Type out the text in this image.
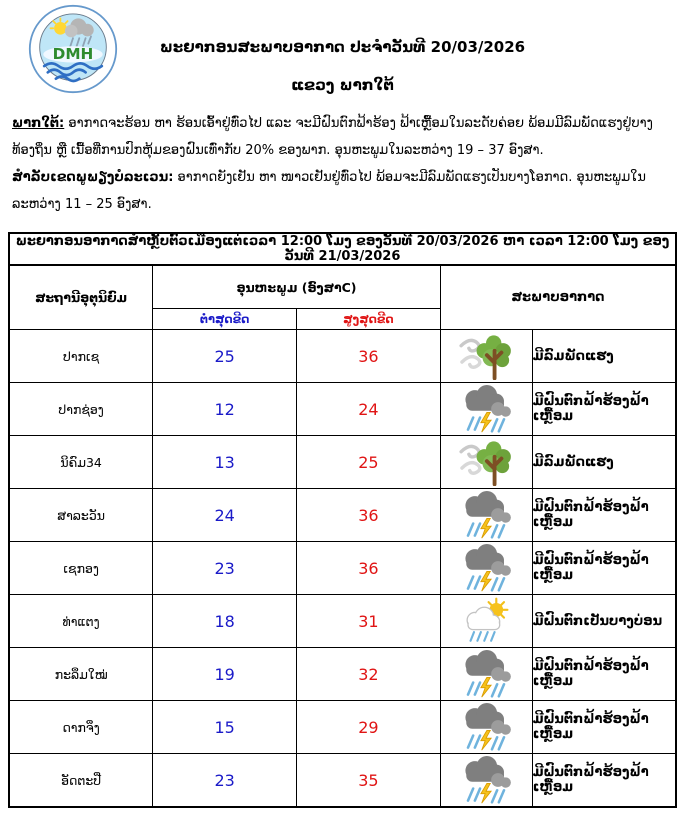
DMH	ພະຍາກອນສະພາບອາກາດ ປະຈໍາວັນທີ 20/03/2026
ແຂວງ ພາກໃຕ້

ພາກໃຕ້: ອາກາດຈະຮ້ອນ ຫາ ຮ້ອນເອົ້າຢູ່ທົ່ວໄປ ແລະ ຈະມີຝົນຕົກຟ້າຮ້ອງ ຟ້າເຫຼື້ອມໃນລະດັບຄ່ອຍ ພ້ອມມີລົມພັດແຮງຢູ່ບາງທ້ອງຖິ່ນ ຫຼື ເນື້ອທີ່ການປົກຫຸ້ມຂອງຝົນເທົ່າກັບ 20% ຂອງພາກ. ອຸນຫະພູມໃນລະຫວ່າງ 19 – 37 ອົງສາ.

ສໍາລັບເຂດພູພຽງບໍລະເວນ: ອາກາດຍັງເຢັນ ຫາ ໜາວເຢັນຢູ່ທົ່ວໄປ ພ້ອມຈະມີລົມພັດແຮງເປັນບາງໂອກາດ. ອຸນຫະພູມໃນລະຫວ່າງ 11 – 25 ອົງສາ.

ພະຍາກອນອາກາດສໍາຫຼັບຕົວເມືອງແຕ່ເວລາ 12:00 ໂມງ ຂອງວັນທີ 20/03/2026 ຫາ ເວລາ 12:00 ໂມງ ຂອງວັນທີ 21/03/2026				
ສະຖານີອຸຕຸນິຍົມ	ອຸນຫະພູມ (ອົງສາC)		ສະພາບອາກາດ	
	ຕໍ່າສຸດຂີດ	ສູງສຸດຂີດ		
ປາກເຊ	25	36		ມີລົມພັດແຮງ
ປາກຊ່ອງ	12	24		ມີຝົນຕົກຟ້າຮ້ອງຟ້າເຫຼື້ອມ
ນິຄົມ34	13	25		ມີລົມພັດແຮງ
ສາລະວັນ	24	36		ມີຝົນຕົກຟ້າຮ້ອງຟ້າເຫຼື້ອມ
ເຊກອງ	23	36		ມີຝົນຕົກຟ້າຮ້ອງຟ້າເຫຼື້ອມ
ທ່າແຕງ	18	31		ມີຝົນຕົກເປັນບາງບ່ອນ
ກະລຶມໃໝ່	19	32		ມີຝົນຕົກຟ້າຮ້ອງຟ້າເຫຼື້ອມ
ດາກຈຶງ	15	29		ມີຝົນຕົກຟ້າຮ້ອງຟ້າເຫຼື້ອມ
ອັດຕະປື	23	35		ມີຝົນຕົກຟ້າຮ້ອງຟ້າເຫຼື້ອມ
